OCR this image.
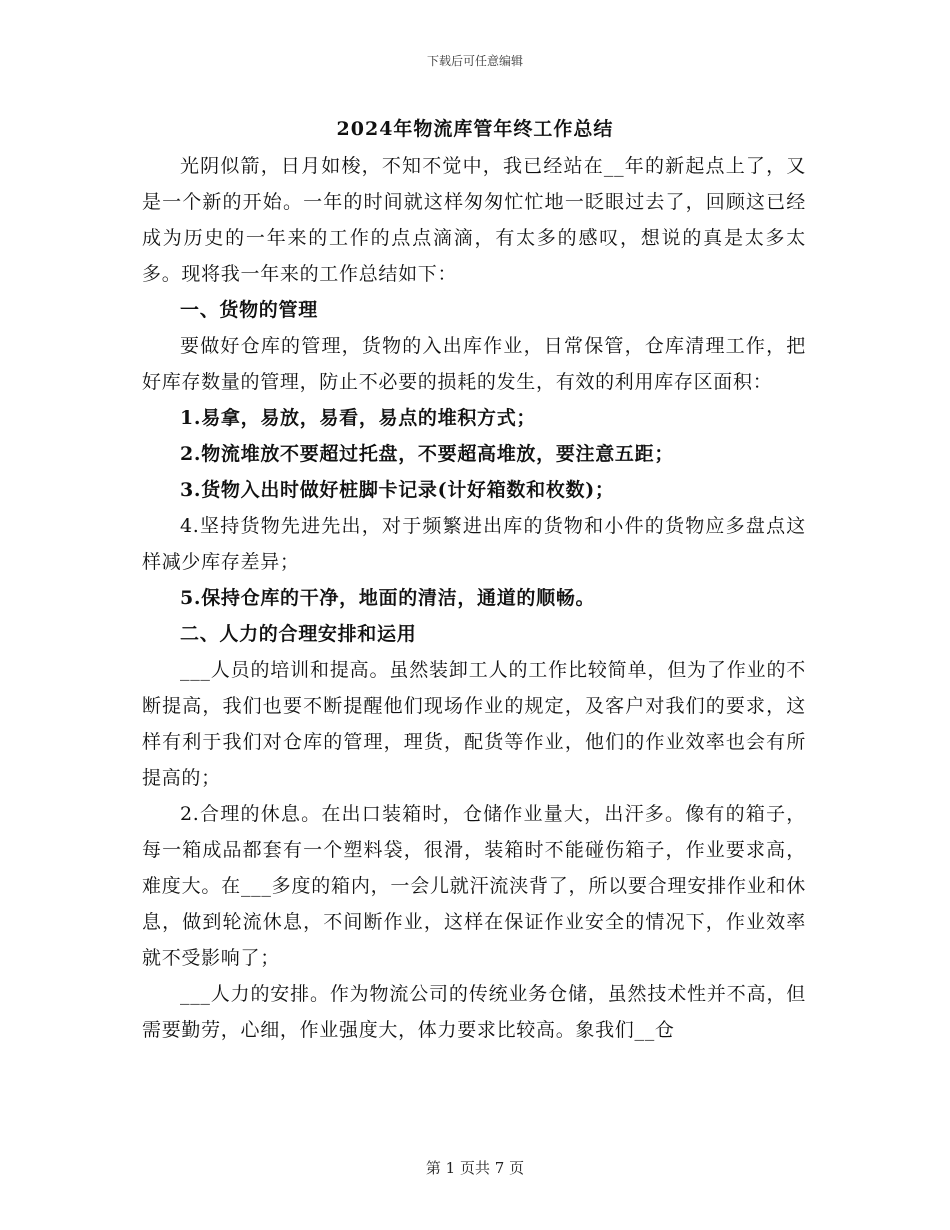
下载后可任意编辑
2024年物流库管年终工作总结

光阴似箭，日月如梭，不知不觉中，我已经站在__年的新起点上了，又是一个新的开始。一年的时间就这样匆匆忙忙地一眨眼过去了，回顾这已经成为历史的一年来的工作的点点滴滴，有太多的感叹，想说的真是太多太多。现将我一年来的工作总结如下：

一、货物的管理

要做好仓库的管理，货物的入出库作业，日常保管，仓库清理工作，把好库存数量的管理，防止不必要的损耗的发生，有效的利用库存区面积：

1.易拿，易放，易看，易点的堆积方式；

2.物流堆放不要超过托盘，不要超高堆放，要注意五距；

3.货物入出时做好桩脚卡记录(计好箱数和枚数)；

4.坚持货物先进先出，对于频繁进出库的货物和小件的货物应多盘点这样减少库存差异；

5.保持仓库的干净，地面的清洁，通道的顺畅。

二、人力的合理安排和运用

___人员的培训和提高。虽然装卸工人的工作比较简单，但为了作业的不断提高，我们也要不断提醒他们现场作业的规定，及客户对我们的要求，这样有利于我们对仓库的管理，理货，配货等作业，他们的作业效率也会有所提高的；

2.合理的休息。在出口装箱时，仓储作业量大，出汗多。像有的箱子，每一箱成品都套有一个塑料袋，很滑，装箱时不能碰伤箱子，作业要求高，难度大。在___多度的箱内，一会儿就汗流浃背了，所以要合理安排作业和休息，做到轮流休息，不间断作业，这样在保证作业安全的情况下，作业效率就不受影响了；

___人力的安排。作为物流公司的传统业务仓储，虽然技术性并不高，但需要勤劳，心细，作业强度大，体力要求比较高。象我们__仓

第 1 页共 7 页
